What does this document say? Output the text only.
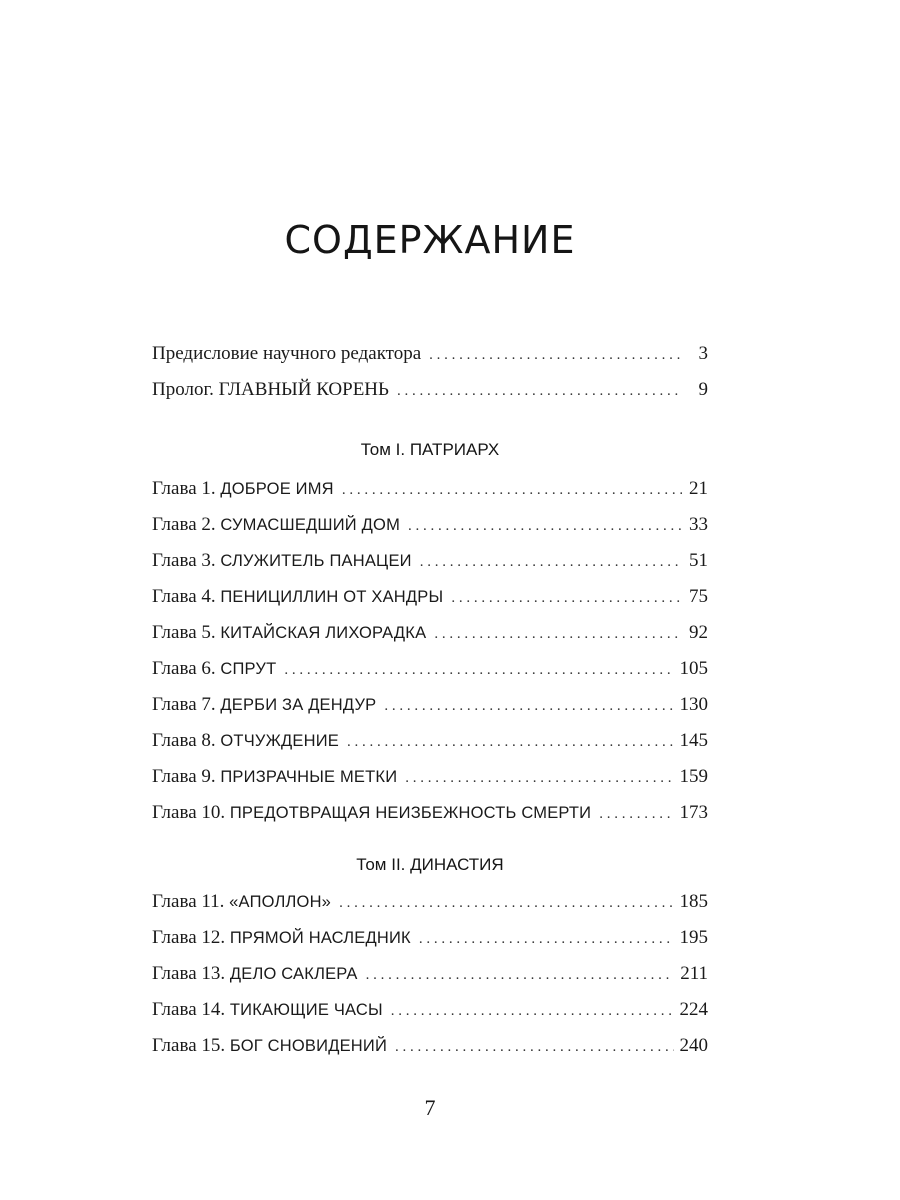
СОДЕРЖАНИЕ
Предисловие научного редактора . . .	3
Пролог. ГЛАВНЫЙ КОРЕНЬ . . .	9
Том I. ПАТРИАРХ
Глава 1. ДОБРОЕ ИМЯ . . .	21
Глава 2. СУМАСШЕДШИЙ ДОМ . . .	33
Глава 3. СЛУЖИТЕЛЬ ПАНАЦЕИ . . .	51
Глава 4. ПЕНИЦИЛЛИН ОТ ХАНДРЫ . . .	75
Глава 5. КИТАЙСКАЯ ЛИХОРАДКА . . .	92
Глава 6. СПРУТ . . .	105
Глава 7. ДЕРБИ ЗА ДЕНДУР . . .	130
Глава 8. ОТЧУЖДЕНИЕ . . .	145
Глава 9. ПРИЗРАЧНЫЕ МЕТКИ . . .	159
Глава 10. ПРЕДОТВРАЩАЯ НЕИЗБЕЖНОСТЬ СМЕРТИ . . .	173
Том II. ДИНАСТИЯ
Глава 11. «АПОЛЛОН» . . .	185
Глава 12. ПРЯМОЙ НАСЛЕДНИК . . .	195
Глава 13. ДЕЛО САКЛЕРА . . .	211
Глава 14. ТИКАЮЩИЕ ЧАСЫ . . .	224
Глава 15. БОГ СНОВИДЕНИЙ . . .	240
7
